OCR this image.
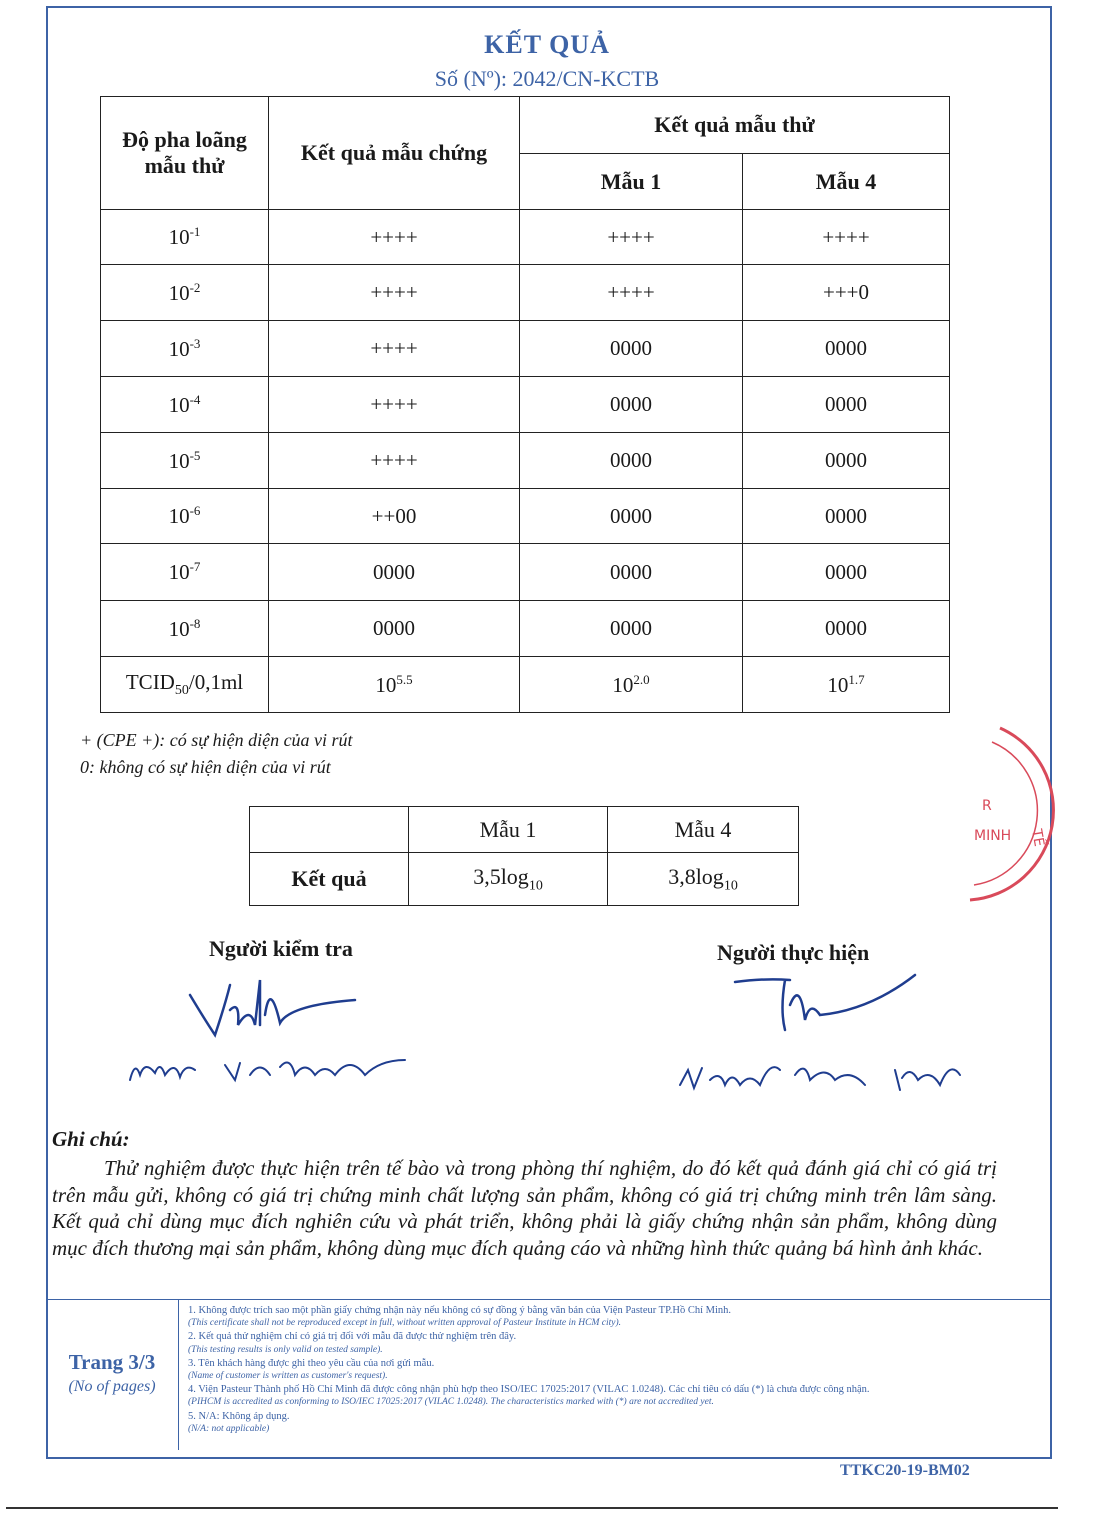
KẾT QUẢ
Số (Nº): 2042/CN-KCTB
Độ pha loãng mẫu thử	Kết quả mẫu chứng	Kết quả mẫu thử	
		Mẫu 1	Mẫu 4
$10^{-1}$	++++	++++	++++
$10^{-2}$	++++	++++	+++0
$10^{-3}$	++++	0000	0000
$10^{-4}$	++++	0000	0000
$10^{-5}$	++++	0000	0000
$10^{-6}$	++00	0000	0000
$10^{-7}$	0000	0000	0000
$10^{-8}$	0000	0000	0000
$TCID_{50}/0,1ml$	$10^{5.5}$	$10^{2.0}$	$10^{1.7}$
+ (CPE +): có sự hiện diện của vi rút
0: không có sự hiện diện của vi rút
	Mẫu 1	Mẫu 4
Kết quả	$3,5\log_{10}$	$3,8\log_{10}$
R
MINH TẾ
Người kiểm tra	Người thực hiện
Ghi chú:
Thử nghiệm được thực hiện trên tế bào và trong phòng thí nghiệm, do đó kết quả đánh giá chỉ có giá trị trên mẫu gửi, không có giá trị chứng minh chất lượng sản phẩm, không có giá trị chứng minh trên lâm sàng. Kết quả chỉ dùng mục đích nghiên cứu và phát triển, không phải là giấy chứng nhận sản phẩm, không dùng mục đích thương mại sản phẩm, không dùng mục đích quảng cáo và những hình thức quảng bá hình ảnh khác.
Trang 3/3
(No of pages)
1. Không được trích sao một phần giấy chứng nhận này nếu không có sự đồng ý bằng văn bản của Viện Pasteur TP.Hồ Chí Minh.
(This certificate shall not be reproduced except in full, without written approval of Pasteur Institute in HCM city).
2. Kết quả thử nghiệm chỉ có giá trị đối với mẫu đã được thử nghiệm trên đây.
(This testing results is only valid on tested sample).
3. Tên khách hàng được ghi theo yêu cầu của nơi gửi mẫu.
(Name of customer is written as customer's request).
4. Viện Pasteur Thành phố Hồ Chí Minh đã được công nhận phù hợp theo ISO/IEC 17025:2017 (VILAC 1.0248). Các chỉ tiêu có dấu (*) là chưa được công nhận.
(PIHCM is accredited as conforming to ISO/IEC 17025:2017 (VILAC 1.0248). The characteristics marked with (*) are not accredited yet.
5. N/A: Không áp dụng.
(N/A: not applicable)
TTKC20-19-BM02
